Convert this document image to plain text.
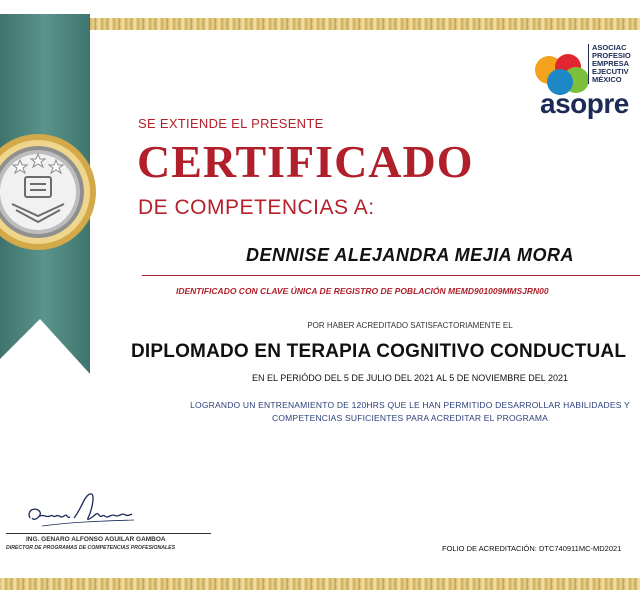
ASOCIAC
PROFESIO
EMPRESA
EJECUTIV
MÉXICO
asopre
SE EXTIENDE EL PRESENTE
CERTIFICADO
DE COMPETENCIAS A:
DENNISE ALEJANDRA MEJIA MORA
IDENTIFICADO CON CLAVE ÚNICA DE REGISTRO DE POBLACIÓN MEMD901009MMSJRN00
POR HABER ACREDITADO SATISFACTORIAMENTE EL
DIPLOMADO EN TERAPIA COGNITIVO CONDUCTUAL
EN EL PERIÓDO DEL 5 DE JULIO DEL 2021 AL 5 DE NOVIEMBRE DEL 2021
LOGRANDO UN ENTRENAMIENTO DE 120HRS QUE LE HAN PERMITIDO DESARROLLAR HABILIDADES Y
COMPETENCIAS SUFICIENTES PARA ACREDITAR EL PROGRAMA
ING. GENARO ALFONSO AGUILAR GAMBOA
DIRECTOR DE PROGRAMAS DE COMPETENCIAS PROFESIONALES	FOLIO DE ACREDITACIÓN: DTC740911MC-MD2021
